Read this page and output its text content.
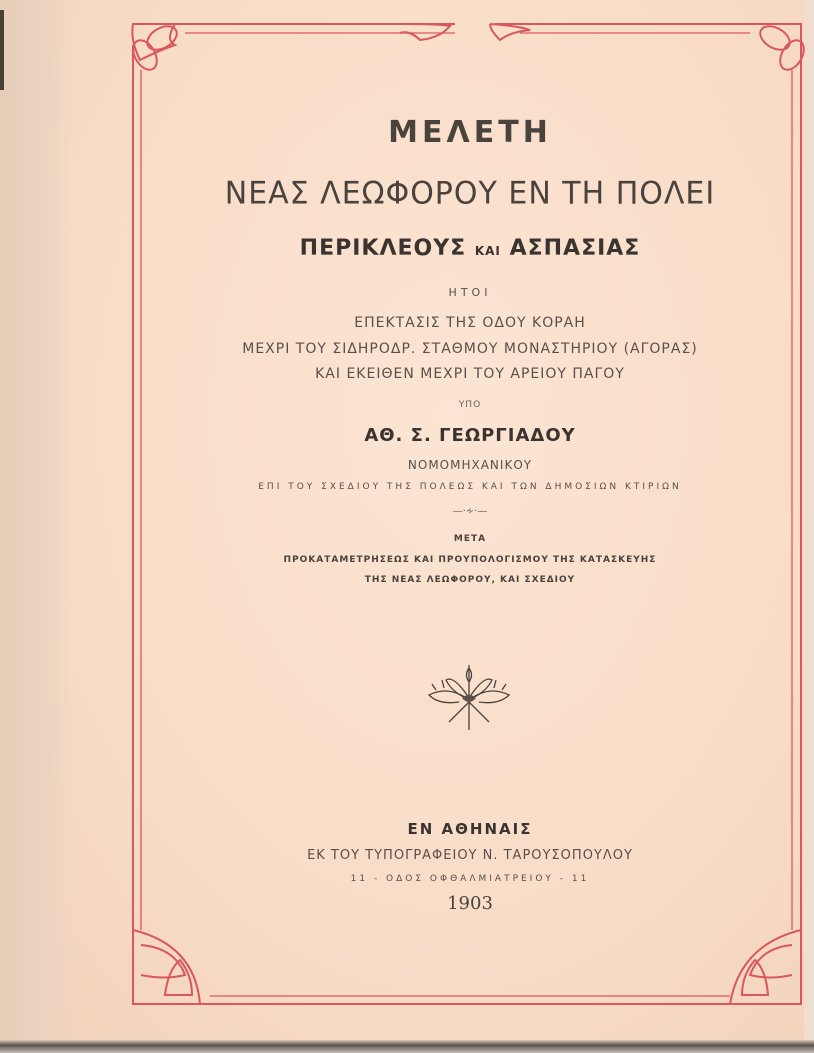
ΜΕΛΕΤΗ
ΝΕΑΣ ΛΕΩΦΟΡΟΥ ΕΝ ΤΗ ΠΟΛΕΙ
ΠΕΡΙΚΛΕΟΥΣ ΚΑΙ ΑΣΠΑΣΙΑΣ
ΗΤΟΙ
ΕΠΕΚΤΑΣΙΣ ΤΗΣ ΟΔΟΥ ΚΟΡΑΗ
ΜΕΧΡΙ ΤΟΥ ΣΙΔΗΡΟΔΡ. ΣΤΑΘΜΟΥ ΜΟΝΑΣΤΗΡΙΟΥ (ΑΓΟΡΑΣ)
ΚΑΙ ΕΚΕΙΘΕΝ ΜΕΧΡΙ ΤΟΥ ΑΡΕΙΟΥ ΠΑΓΟΥ
ΥΠΟ
ΑΘ. Σ. ΓΕΩΡΓΙΑΔΟΥ
ΝΟΜΟΜΗΧΑΝΙΚΟΥ
ΕΠΙ ΤΟΥ ΣΧΕΔΙΟΥ ΤΗΣ ΠΟΛΕΩΣ ΚΑΙ ΤΩΝ ΔΗΜΟΣΙΩΝ ΚΤΙΡΙΩΝ
—·∻·—
ΜΕΤΑ
ΠΡΟΚΑΤΑΜΕΤΡΗΣΕΩΣ ΚΑΙ ΠΡΟΥΠΟΛΟΓΙΣΜΟΥ ΤΗΣ ΚΑΤΑΣΚΕΥΗΣ
ΤΗΣ ΝΕΑΣ ΛΕΩΦΟΡΟΥ, ΚΑΙ ΣΧΕΔΙΟΥ
ΕΝ ΑΘΗΝΑΙΣ
ΕΚ ΤΟΥ ΤΥΠΟΓΡΑΦΕΙΟΥ Ν. ΤΑΡΟΥΣΟΠΟΥΛΟΥ
11 - ΟΔΟΣ ΟΦΘΑΛΜΙΑΤΡΕΙΟΥ - 11
1903
